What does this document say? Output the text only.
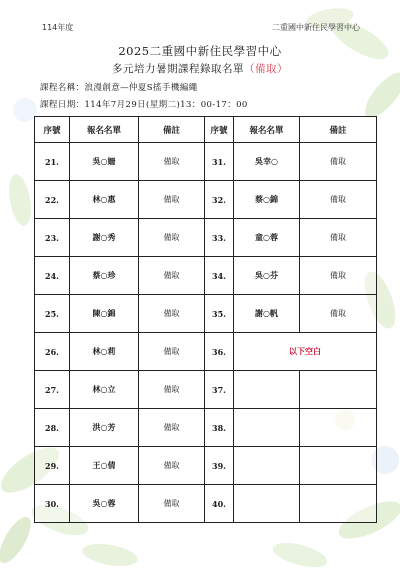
114年度	二重國中新住民學習中心
2025二重國中新住民學習中心
多元培力暑期課程錄取名單（備取）
課程名稱：浪漫創意—仲夏S搖手機編繩
課程日期：114年7月29日(星期二)13：00-17：00
序號	報名名單	備註	序號	報名名單	備註
21.	吳○姍	備取	31.	吳幸○	備取
22.	林○惠	備取	32.	蔡○錦	備取
23.	謝○秀	備取	33.	童○蓉	備取
24.	蔡○珍	備取	34.	吳○芬	備取
25.	陳○錦	備取	35.	謝○帆	備取
26.	林○莉	備取	36.	以下空白	
27.	林○立	備取	37.		
28.	洪○芳	備取	38.		
29.	王○倩	備取	39.		
30.	吳○蓉	備取	40.		
